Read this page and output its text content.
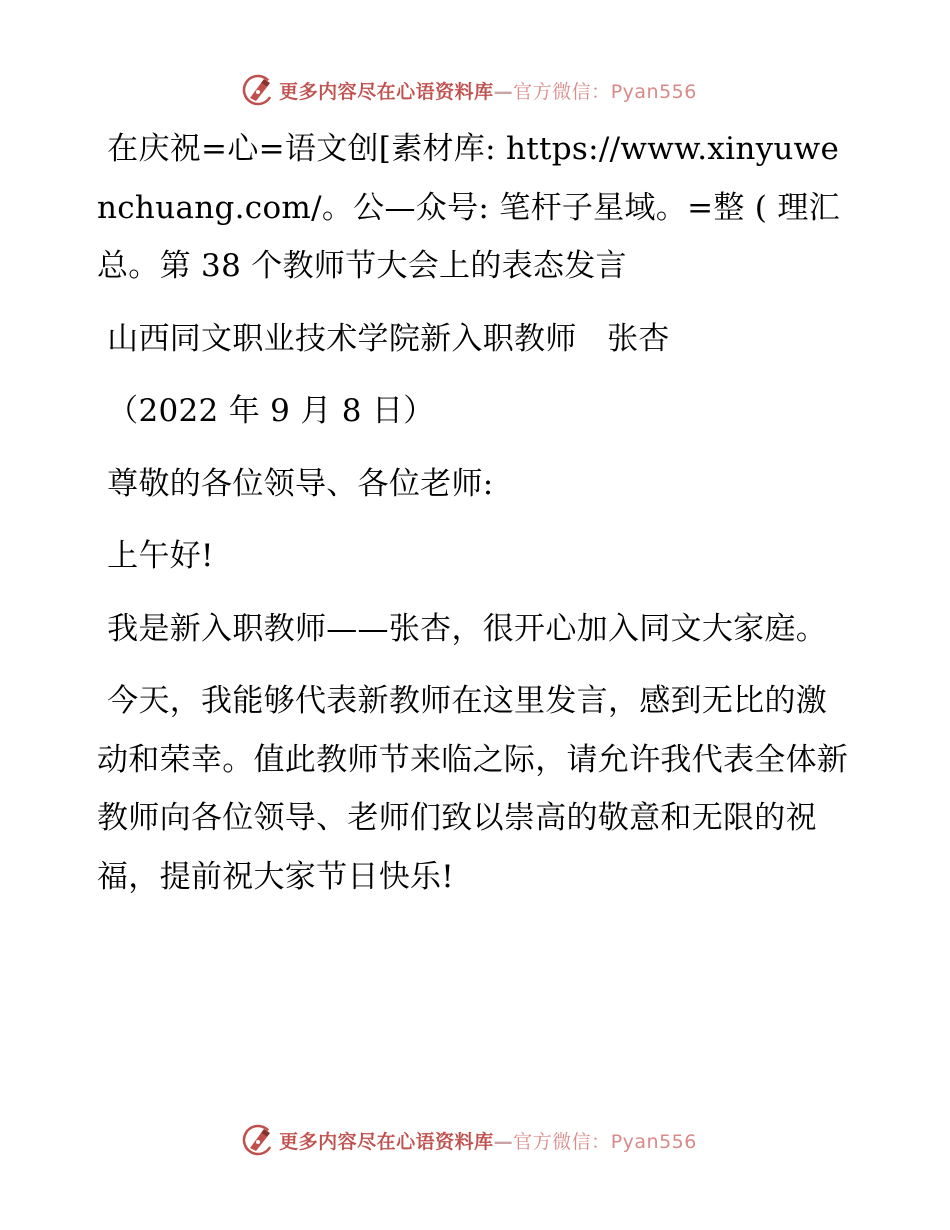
更多内容尽在心语资料库—官方微信：Pyan556

在庆祝=心=语文创[素材库: https://www.xinyuwenchuang.com/。公—众号: 笔杆子星域。=整 ( 理汇总。第 38 个教师节大会上的表态发言

山西同文职业技术学院新入职教师   张杏

（2022 年 9 月 8 日）

尊敬的各位领导、各位老师:

上午好!

我是新入职教师——张杏，很开心加入同文大家庭。

今天，我能够代表新教师在这里发言，感到无比的激动和荣幸。值此教师节来临之际，请允许我代表全体新教师向各位领导、老师们致以崇高的敬意和无限的祝福，提前祝大家节日快乐!

更多内容尽在心语资料库—官方微信：Pyan556
